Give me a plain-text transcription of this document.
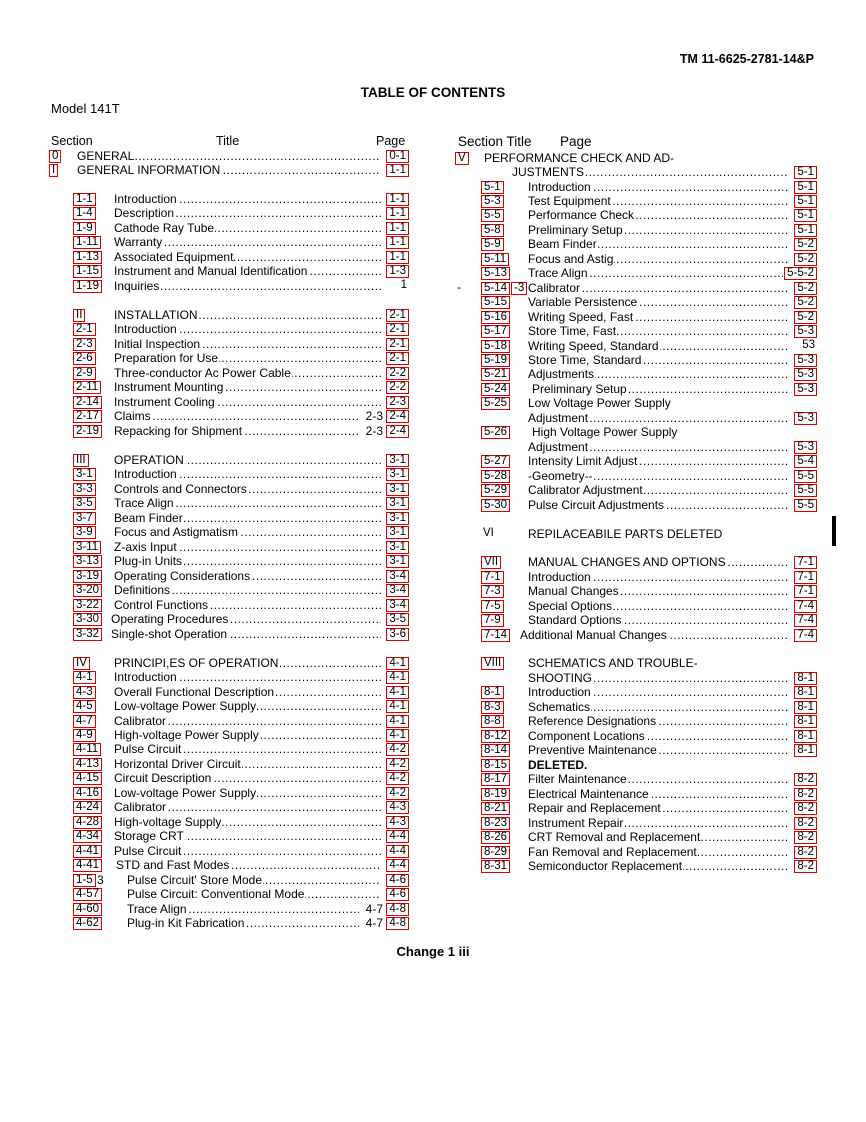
TM 11-6625-2781-14&P
TABLE OF CONTENTS
Model 141T
Section	Title	Page	Section Title Page
0 GENERAL .....	0-1
I GENERAL INFORMATION .....	1-1
1-1 Introduction .....	1-1
1-4 Description .....	1-1
1-9 Cathode Ray Tube .....	1-1
1-11 Warranty .....	1-1
1-13 Associated Equipment .....	1-1
1-15 Instrument and Manual Identification .....	1-3
1-19 Inquiries .....	1
II	INSTALLATION .....	2-1
2-1 Introduction .....	2-1
2-3 Initial Inspection .....	2-1
2-6 Preparation for Use .....	2-1
2-9 Three-conductor Ac Power Cable .....	2-2
2-11 Instrument Mounting .....	2-2
2-14 Instrument Cooling .....	2-3
2-17 Claims .....	2-3 2-4
2-19 Repacking for Shipment .....	2-3 2-4
III OPERATION .....	3-1
3-1 Introduction .....	3-1
3-3 Controls and Connectors .....	3-1
3-5 Trace Align .....	3-1
3-7 Beam Finder .....	3-1
3-9 Focus and Astigmatism .....	3-1
3-11 Z-axis Input .....	3-1
3-13 Plug-in Units .....	3-1
3-19 Operating Considerations .....	3-4
3-20 Definitions .....	3-4
3-22 Control Functions .....	3-4
3-30 Operating Procedures .....	3-5
3-32 Single-shot Operation .....	3-6
IV PRINCIPI,ES OF OPERATION .....	4-1
4-1 Introduction .....	4-1
4-3 Overall Functional Description .....	4-1
4-5 Low-voltage Power Supply .....	4-1
4-7 Calibrator .....	4-1
4-9 High-voltage Power Supply .....	4-1
4-11 Pulse Circuit .....	4-2
4-13 Horizontal Driver Circuit .....	4-2
4-15 Circuit Description .....	4-2
4-16 Low-voltage Power Supply .....	4-2
4-24 Calibrator .....	4-3
4-28 High-voltage Supply .....	4-3
4-34 Storage CRT .....	4-4
4-41 Pulse Circuit .....	4-4
4-41 STD and Fast Modes .....	4-4
1-5 3 Pulse Circuit' Store Mode .....	4-6
4-57 Pulse Circuit: Conventional Mode .....	4-6
4-60 Trace Align .....	4-7 4-8
4-62 Plug-in Kit Fabrication .....	4-7 4-8
V PERFORMANCE CHECK AND AD-
JUSTMENTS .....	5-1
5-1 Introduction .....	5-1
5-3 Test Equipment .....	5-1
5-5 Performance Check .....	5-1
5-8 Preliminary Setup .....	5-1
5-9 Beam Finder .....	5-2
5-11 Focus and Astig .....	5-2
5-13 Trace Align .....	5-5-2
5-14 -3 Calibrator .....	5-2
5-15 Variable Persistence .....	5-2
5-16 Writing Speed, Fast .....	5-2
5-17 Store Time, Fast .....	5-3
5-18 Writing Speed, Standard .....	53
5-19 Store Time, Standard .....	5-3
5-21 Adjustments .....	5-3
5-24 Preliminary Setup .....	5-3
5-25 Low Voltage Power Supply
Adjustment .....	5-3
5-26 High Voltage Power Supply
Adjustment .....	5-3
5-27 Intensity Limit Adjust .....	5-4
5-28 -Geometry-- .....	5-5
5-29 Calibrator Adjustment .....	5-5
5-30 Pulse Circuit Adjustments .....	5-5
VI	REPILACEABILE PARTS DELETED
VII MANUAL CHANGES AND OPTIONS .....	7-1
7-1 Introduction .....	7-1
7-3 Manual Changes .....	7-1
7-5 Special Options .....	7-4
7-9 Standard Options .....	7-4
7-14 Additional Manual Changes .....	7-4
VIII SCHEMATICS AND TROUBLE-
SHOOTING .....	8-1
8-1 Introduction .....	8-1
8-3 Schematics .....	8-1
8-8 Reference Designations .....	8-1
8-12 Component Locations .....	8-1
8-14 Preventive Maintenance .....	8-1
8-15 DELETED.
8-17 Filter Maintenance .....	8-2
8-19 Electrical Maintenance .....	8-2
8-21 Repair and Replacement .....	8-2
8-23 Instrument Repair .....	8-2
8-26 CRT Removal and Replacement .....	8-2
8-29 Fan Removal and Replacement .....	8-2
8-31 Semiconductor Replacement .....	8-2
-
Change 1 iii
